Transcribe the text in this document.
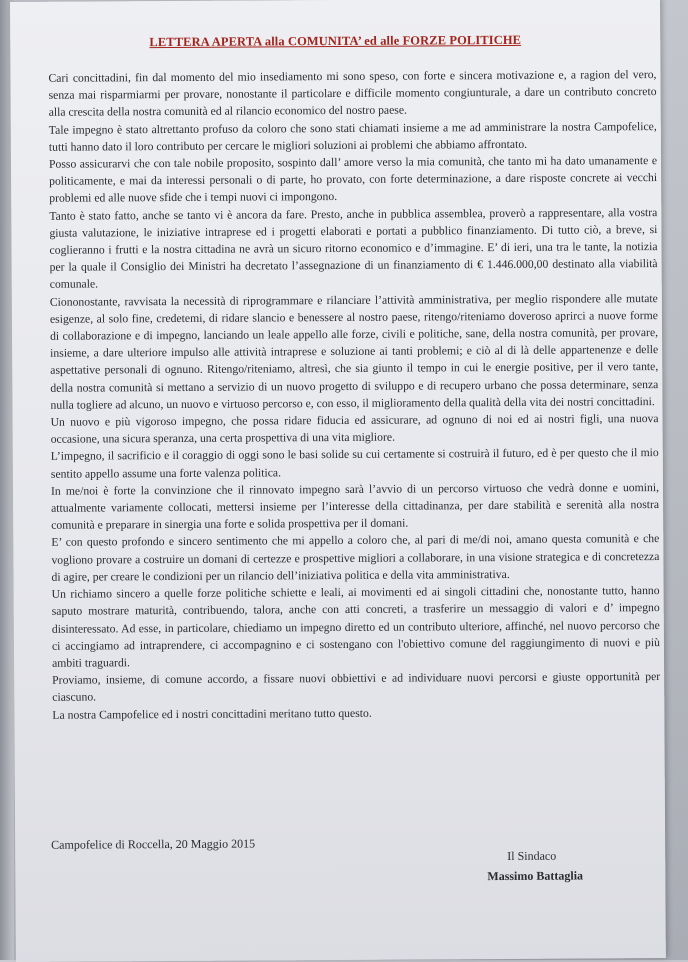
LETTERA APERTA alla COMUNITA’ ed alle FORZE POLITICHE

Cari concittadini, fin dal momento del mio insediamento mi sono speso, con forte e sincera motivazione e, a ragion del vero, senza mai risparmiarmi per provare, nonostante il particolare e difficile momento congiunturale, a dare un contributo concreto alla crescita della nostra comunità ed al rilancio economico del nostro paese.

Tale impegno è stato altrettanto profuso da coloro che sono stati chiamati insieme a me ad amministrare la nostra Campofelice, tutti hanno dato il loro contributo per cercare le migliori soluzioni ai problemi che abbiamo affrontato.

Posso assicurarvi che con tale nobile proposito, sospinto dall’ amore verso la mia comunità, che tanto mi ha dato umanamente e politicamente, e mai da interessi personali o di parte, ho provato, con forte determinazione, a dare risposte concrete ai vecchi problemi ed alle nuove sfide che i tempi nuovi ci impongono.

Tanto è stato fatto, anche se tanto vi è ancora da fare. Presto, anche in pubblica assemblea, proverò a rappresentare, alla vostra giusta valutazione, le iniziative intraprese ed i progetti elaborati e portati a pubblico finanziamento. Di tutto ciò, a breve, si coglieranno i frutti e la nostra cittadina ne avrà un sicuro ritorno economico e d’immagine. E’ di ieri, una tra le tante, la notizia per la quale il Consiglio dei Ministri ha decretato l’assegnazione di un finanziamento di € 1.446.000,00 destinato alla viabilità comunale.

Ciononostante, ravvisata la necessità di riprogrammare e rilanciare l’attività amministrativa, per meglio rispondere alle mutate esigenze, al solo fine, credetemi, di ridare slancio e benessere al nostro paese, ritengo/riteniamo doveroso aprirci a nuove forme di collaborazione e di impegno, lanciando un leale appello alle forze, civili e politiche, sane, della nostra comunità, per provare, insieme, a dare ulteriore impulso alle attività intraprese e soluzione ai tanti problemi; e ciò al di là delle appartenenze e delle aspettative personali di ognuno. Ritengo/riteniamo, altresì, che sia giunto il tempo in cui le energie positive, per il vero tante, della nostra comunità si mettano a servizio di un nuovo progetto di sviluppo e di recupero urbano che possa determinare, senza nulla togliere ad alcuno, un nuovo e virtuoso percorso e, con esso, il miglioramento della qualità della vita dei nostri concittadini.

Un nuovo e più vigoroso impegno, che possa ridare fiducia ed assicurare, ad ognuno di noi ed ai nostri figli, una nuova occasione, una sicura speranza, una certa prospettiva di una vita migliore.

L’impegno, il sacrificio e il coraggio di oggi sono le basi solide su cui certamente si costruirà il futuro, ed è per questo che il mio sentito appello assume una forte valenza politica.

In me/noi è forte la convinzione che il rinnovato impegno sarà l’avvio di un percorso virtuoso che vedrà donne e uomini, attualmente variamente collocati, mettersi insieme per l’interesse della cittadinanza, per dare stabilità e serenità alla nostra comunità e preparare in sinergia una forte e solida prospettiva per il domani.

E’ con questo profondo e sincero sentimento che mi appello a coloro che, al pari di me/di noi, amano questa comunità e che vogliono provare a costruire un domani di certezze e prospettive migliori a collaborare, in una visione strategica e di concretezza di agire, per creare le condizioni per un rilancio dell’iniziativa politica e della vita amministrativa.

Un richiamo sincero a quelle forze politiche schiette e leali, ai movimenti ed ai singoli cittadini che, nonostante tutto, hanno saputo mostrare maturità, contribuendo, talora, anche con atti concreti, a trasferire un messaggio di valori e d’ impegno disinteressato. Ad esse, in particolare, chiediamo un impegno diretto ed un contributo ulteriore, affinché, nel nuovo percorso che ci accingiamo ad intraprendere, ci accompagnino e ci sostengano con l'obiettivo comune del raggiungimento di nuovi e più ambiti traguardi.

Proviamo, insieme, di comune accordo, a fissare nuovi obbiettivi e ad individuare nuovi percorsi e giuste opportunità per ciascuno.

La nostra Campofelice ed i nostri concittadini meritano tutto questo.

Campofelice di Roccella, 20 Maggio 2015
Il Sindaco
Massimo Battaglia
